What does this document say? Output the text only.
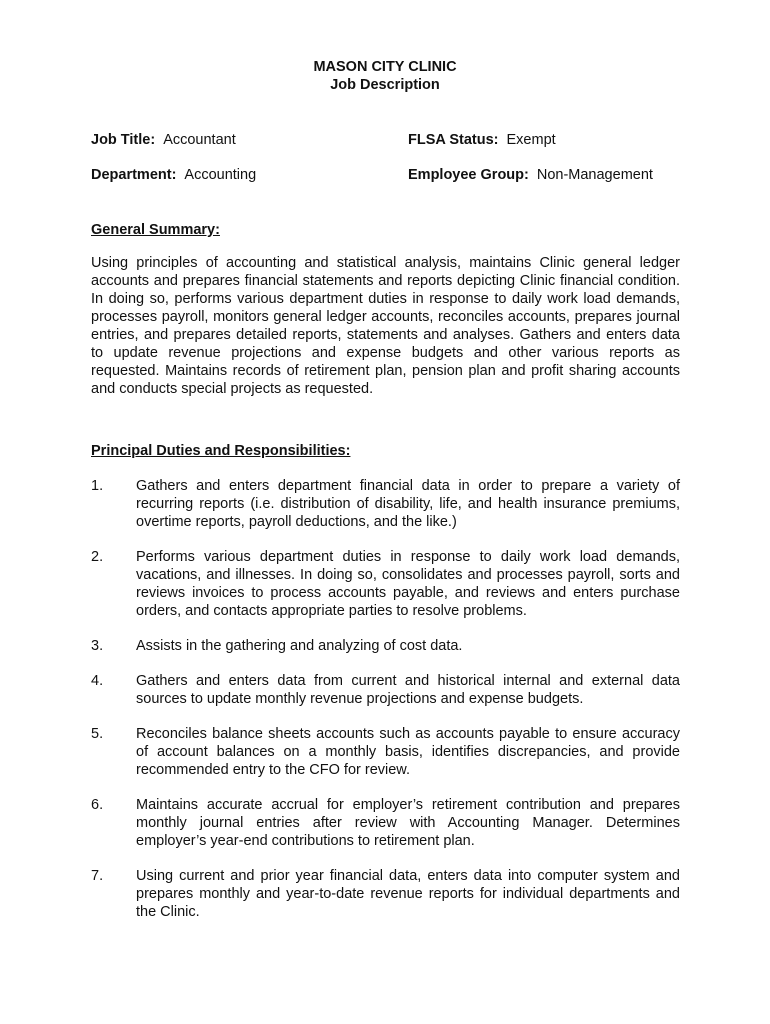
MASON CITY CLINIC
Job Description
Job Title: Accountant	FLSA Status: Exempt
Department: Accounting	Employee Group: Non-Management
General Summary:

Using principles of accounting and statistical analysis, maintains Clinic general ledger accounts and prepares financial statements and reports depicting Clinic financial condition. In doing so, performs various department duties in response to daily work load demands, processes payroll, monitors general ledger accounts, reconciles accounts, prepares journal entries, and prepares detailed reports, statements and analyses. Gathers and enters data to update revenue projections and expense budgets and other various reports as requested. Maintains records of retirement plan, pension plan and profit sharing accounts and conducts special projects as requested.

Principal Duties and Responsibilities:
1.	Gathers and enters department financial data in order to prepare a variety of recurring reports (i.e. distribution of disability, life, and health insurance premiums, overtime reports, payroll deductions, and the like.)
2.	Performs various department duties in response to daily work load demands, vacations, and illnesses. In doing so, consolidates and processes payroll, sorts and reviews invoices to process accounts payable, and reviews and enters purchase orders, and contacts appropriate parties to resolve problems.
3.	Assists in the gathering and analyzing of cost data.
4.	Gathers and enters data from current and historical internal and external data sources to update monthly revenue projections and expense budgets.
5.	Reconciles balance sheets accounts such as accounts payable to ensure accuracy of account balances on a monthly basis, identifies discrepancies, and provide recommended entry to the CFO for review.
6.	Maintains accurate accrual for employer’s retirement contribution and prepares monthly journal entries after review with Accounting Manager. Determines employer’s year-end contributions to retirement plan.
7.	Using current and prior year financial data, enters data into computer system and prepares monthly and year-to-date revenue reports for individual departments and the Clinic.
